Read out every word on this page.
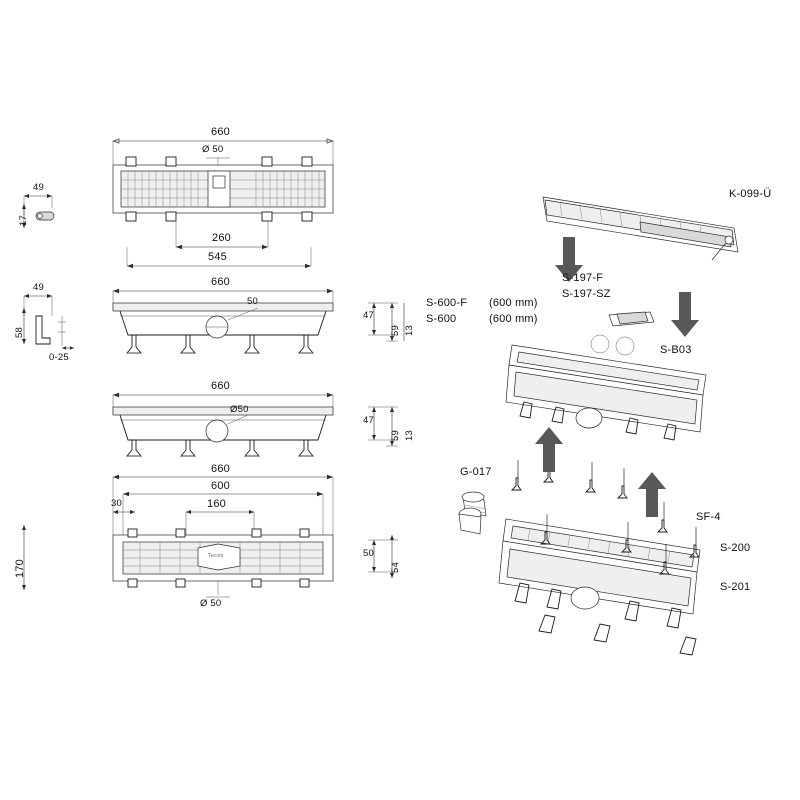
660
Ø 50
260
545
49
17
49
58
0-25
660
50
47
59 13
660
Ø50
47
59 13
660
600
30	160
170
Ø 50
50
54
S-600-F (600 mm)
S-600	(600 mm)
K-099-Ü
S-197-F
S-197-SZ
S-B03
G-017
SF-4
S-200
S-201
Tecon
